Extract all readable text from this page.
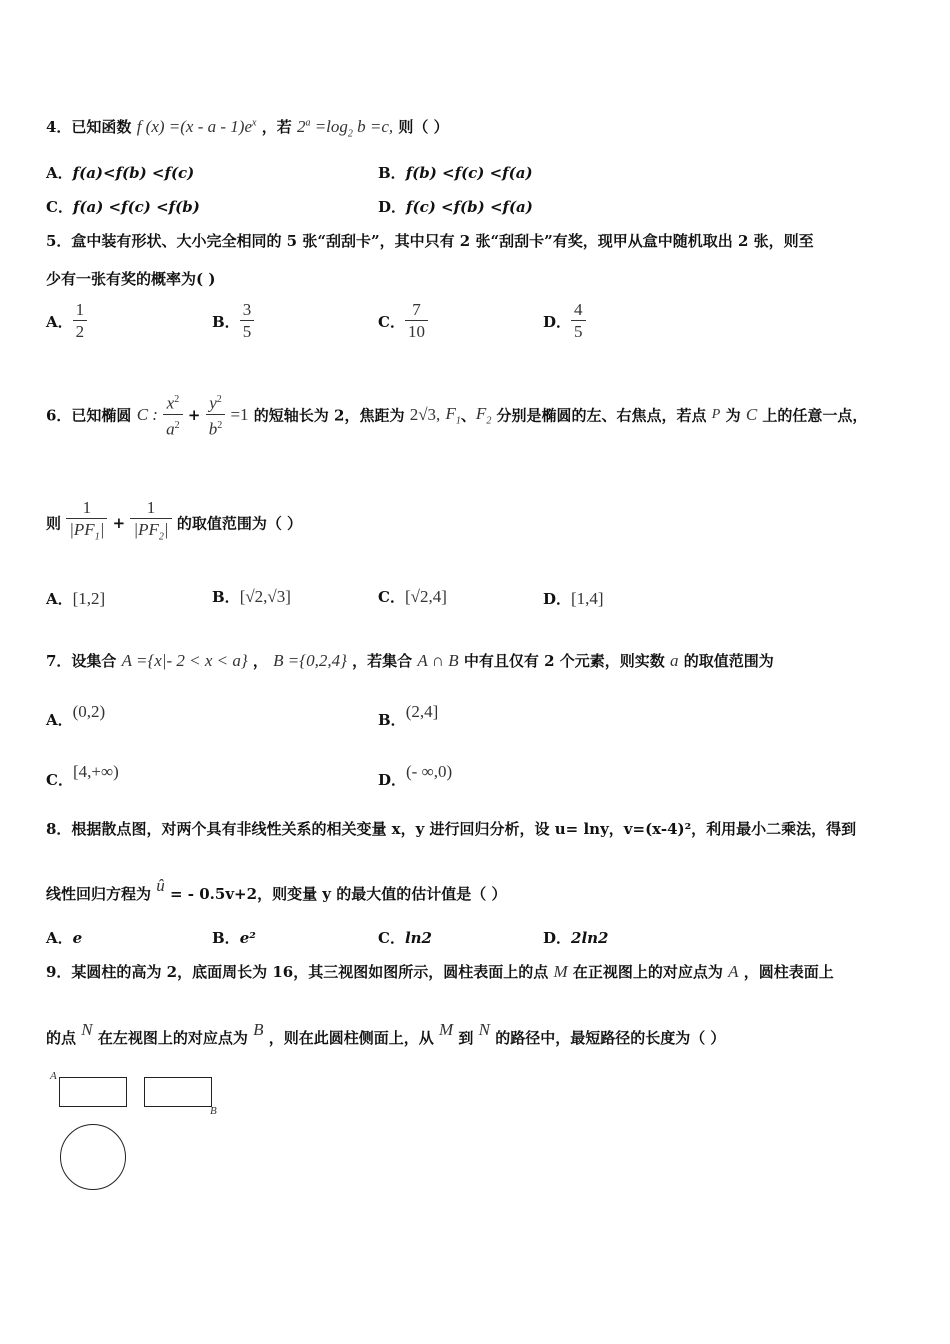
4．已知函数 f $(x) =(x - a - 1)e^x$ ，若 $2^a =\log_2$ b =c, 则（ ）
A．f(a)<f(b) <f(c)	B．f(b) <f(c) <f(a)
C．f(a) <f(c) <f(b)	D．f(c) <f(b) <f(a)
5．盒中装有形状、大小完全相同的 5 张“刮刮卡”，其中只有 2 张“刮刮卡”有奖，现甲从盒中随机取出 2 张，则至
少有一张有奖的概率为( )
A． $\frac{1}{2}$	B． $\frac{3}{5}$	C． $\frac{7}{10}$	D． $\frac{4}{5}$
6．已知椭圆 C : $\frac{x^2}{a^2} + \frac{y^2}{b^2} =1$ 的短轴长为 2，焦距为 2√3, $F_1$、$F_2$ 分别是椭圆的左、右焦点，若点 P 为 C 上的任意一点，
则 $\frac{1}{|PF_1|} + \frac{1}{|PF_2|}$ 的取值范围为（ ）
A．[1,2]	B．[√2,√3]	C．[√2,4]	D．[1,4]
7．设集合 A ={x|- 2 < x < a} ， B ={0,2,4} ，若集合 A ∩ B 中有且仅有 2 个元素，则实数 a 的取值范围为
A．(0,2)	B．(2,4]
C．[4,+∞)	D．(- ∞,0)
8．根据散点图，对两个具有非线性关系的相关变量 x，y 进行回归分析，设 u= lny，v=(x-4)²，利用最小二乘法，得到
线性回归方程为 û = - 0.5v+2，则变量 y 的最大值的估计值是（ ）
A．e	B．e²	C．ln2	D．2ln2
9．某圆柱的高为 2，底面周长为 16，其三视图如图所示，圆柱表面上的点 M 在正视图上的对应点为 A ，圆柱表面上
的点 N 在左视图上的对应点为 B ，则在此圆柱侧面上，从 M 到 N 的路径中，最短路径的长度为（ ）
A
B
